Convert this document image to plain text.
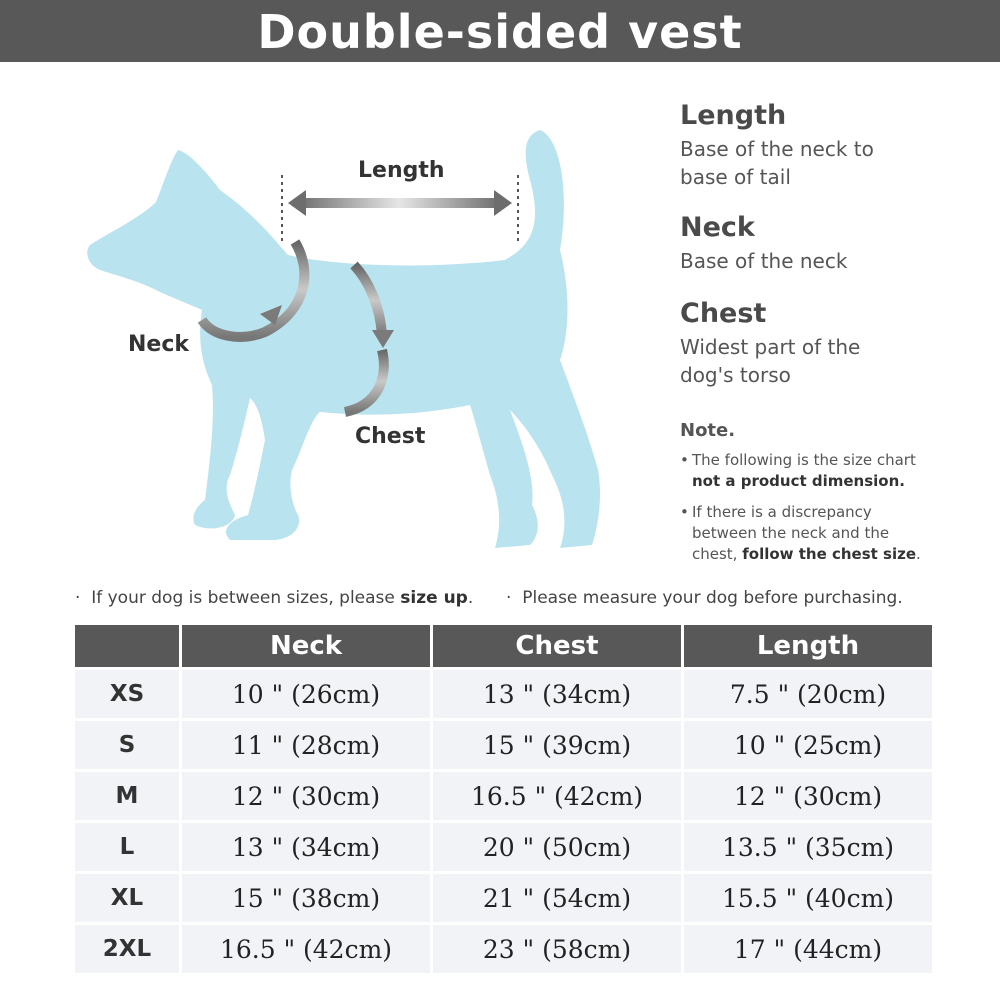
Double-sided vest
Length
Neck
Chest
Length

Base of the neck to base of tail

Neck

Base of the neck

Chest

Widest part of the dog's torso

Note.
• The following is the size chart
not a product dimension.
• If there is a discrepancy between the neck and the chest, follow the chest size.
·  If your dog is between sizes, please size up. ·  Please measure your dog before purchasing.
	Neck	Chest	Length
XS	10 " (26cm)	13 " (34cm)	7.5 " (20cm)
S	11 " (28cm)	15 " (39cm)	10 " (25cm)
M	12 " (30cm)	16.5 " (42cm)	12 " (30cm)
L	13 " (34cm)	20 " (50cm)	13.5 " (35cm)
XL	15 " (38cm)	21 " (54cm)	15.5 " (40cm)
2XL	16.5 " (42cm)	23 " (58cm)	17 " (44cm)
